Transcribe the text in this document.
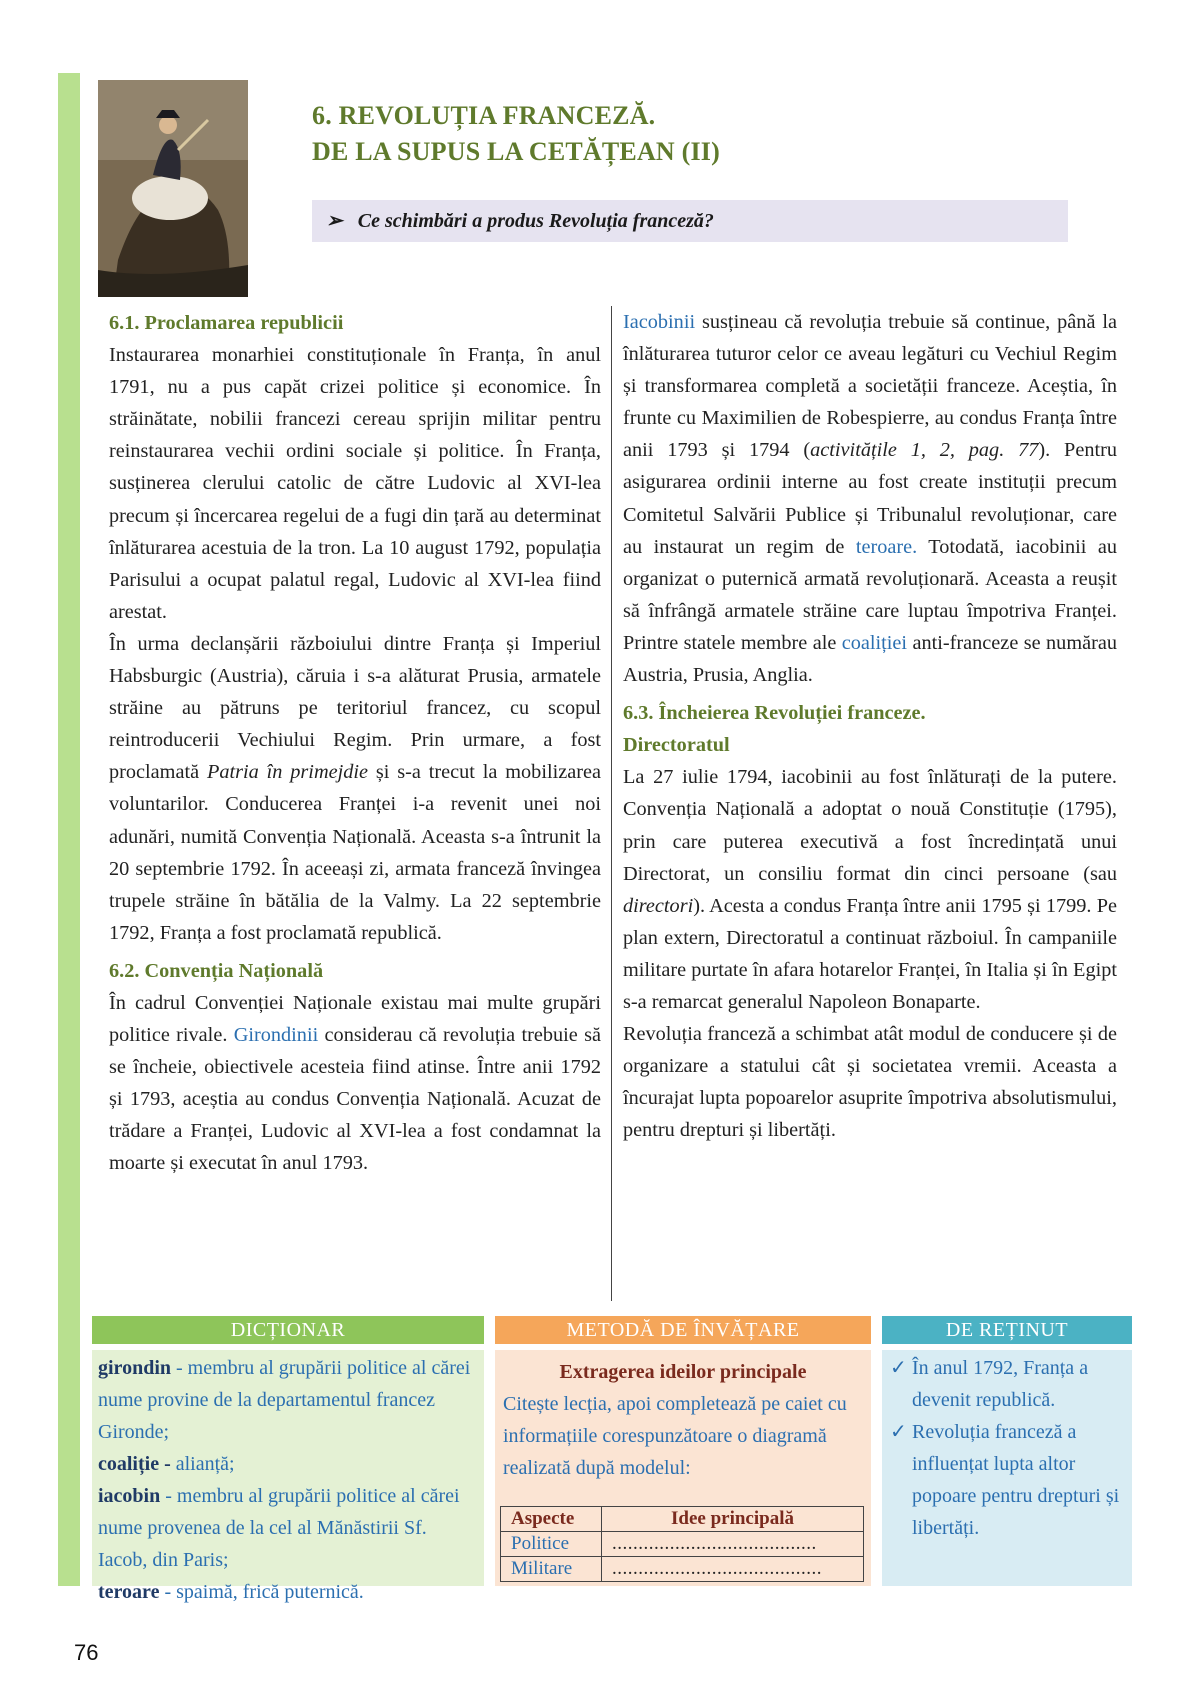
6. REVOLUȚIA FRANCEZĂ.
DE LA SUPUS LA CETĂȚEAN (II)
➢ Ce schimbări a produs Revoluția franceză?

6.1. Proclamarea republicii

Instaurarea monarhiei constituționale în Franța, în anul 1791, nu a pus capăt crizei politice și economice. În străinătate, nobilii francezi cereau sprijin militar pentru reinstaurarea vechii ordini sociale și politice. În Franța, susținerea clerului catolic de către Ludovic al XVI-lea precum și încercarea regelui de a fugi din țară au determinat înlăturarea acestuia de la tron. La 10 august 1792, populația Parisului a ocupat palatul regal, Ludovic al XVI-lea fiind arestat.

În urma declanșării războiului dintre Franța și Imperiul Habsburgic (Austria), căruia i s-a alăturat Prusia, armatele străine au pătruns pe teritoriul francez, cu scopul reintroducerii Vechiului Regim. Prin urmare, a fost proclamată Patria în primejdie și s-a trecut la mobilizarea voluntarilor. Conducerea Franței i-a revenit unei noi adunări, numită Convenția Națională. Aceasta s-a întrunit la 20 septembrie 1792. În aceeași zi, armata franceză învingea trupele străine în bătălia de la Valmy. La 22 septembrie 1792, Franța a fost proclamată republică.

6.2. Convenția Națională

În cadrul Convenției Naționale existau mai multe grupări politice rivale. Girondinii considerau că revoluția trebuie să se încheie, obiectivele acesteia fiind atinse. Între anii 1792 și 1793, aceștia au condus Convenția Națională. Acuzat de trădare a Franței, Ludovic al XVI-lea a fost condamnat la moarte și executat în anul 1793.

Iacobinii susțineau că revoluția trebuie să continue, până la înlăturarea tuturor celor ce aveau legături cu Vechiul Regim și transformarea completă a societății franceze. Aceștia, în frunte cu Maximilien de Robespierre, au condus Franța între anii 1793 și 1794 (activitățile 1, 2, pag. 77). Pentru asigurarea ordinii interne au fost create instituții precum Comitetul Salvării Publice și Tribunalul revoluționar, care au instaurat un regim de teroare. Totodată, iacobinii au organizat o puternică armată revoluționară. Aceasta a reușit să înfrângă armatele străine care luptau împotriva Franței. Printre statele membre ale coaliției anti-franceze se numărau Austria, Prusia, Anglia.

6.3. Încheierea Revoluției franceze.
Directoratul

La 27 iulie 1794, iacobinii au fost înlăturați de la putere. Convenția Națională a adoptat o nouă Constituție (1795), prin care puterea executivă a fost încredințată unui Directorat, un consiliu format din cinci persoane (sau directori). Acesta a condus Franța între anii 1795 și 1799. Pe plan extern, Directoratul a continuat războiul. În campaniile militare purtate în afara hotarelor Franței, în Italia și în Egipt s-a remarcat generalul Napoleon Bonaparte.

Revoluția franceză a schimbat atât modul de conducere și de organizare a statului cât și societatea vremii. Aceasta a încurajat lupta popoarelor asuprite împotriva absolutismului, pentru drepturi și libertăți.

DICȚIONAR
girondin - membru al grupării politice al cărei nume provine de la departamentul francez Gironde;
coaliție - alianță;
iacobin - membru al grupării politice al cărei nume provenea de la cel al Mănăstirii Sf. Iacob, din Paris;
teroare - spaimă, frică puternică.
METODĂ DE ÎNVĂȚARE

Extragerea ideilor principale

Citește lecția, apoi completează pe caiet cu informațiile corespunzătoare o diagramă realizată după modelul:
Aspecte	Idee principală
Politice	.......................................
Militare	........................................
DE REȚINUT
✓ În anul 1792, Franța a devenit republică.
✓ Revoluția franceză a influențat lupta altor popoare pentru drepturi și libertăți.
76
